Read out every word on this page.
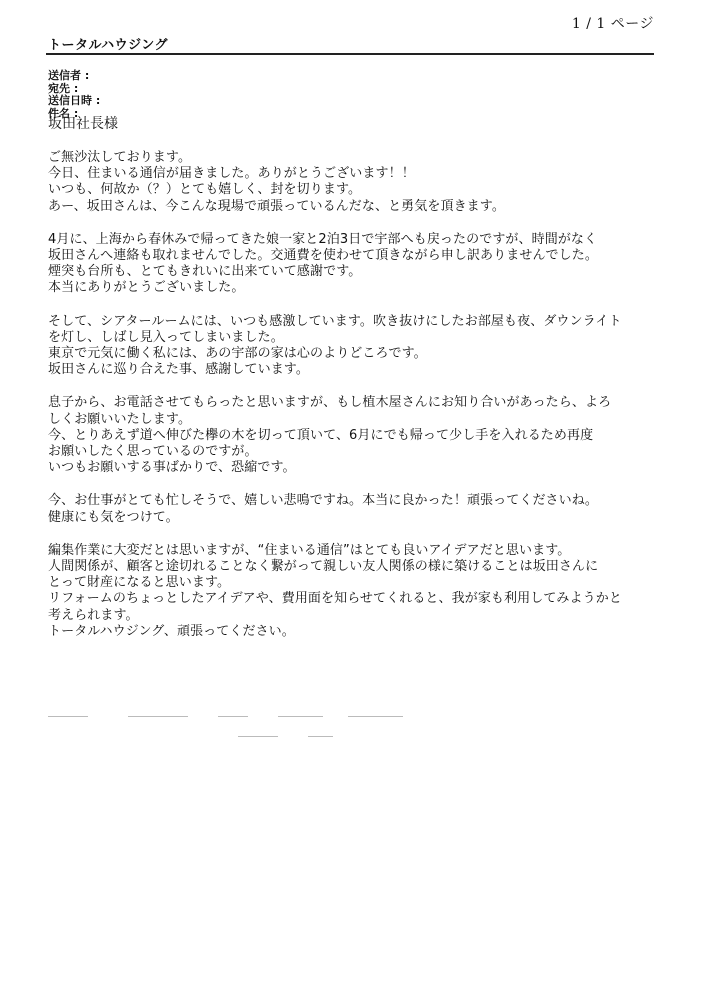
1 / 1 ページ
トータルハウジング
送信者 :
宛先 :
送信日時 :
件名 :
坂田社長様
ご無沙汰しております。
今日、住まいる通信が届きました。ありがとうございます！！
いつも、何故か（？）とても嬉しく、封を切ります。
あー、坂田さんは、今こんな現場で頑張っているんだな、と勇気を頂きます。
4月に、上海から春休みで帰ってきた娘一家と2泊3日で宇部へも戻ったのですが、時間がなく
坂田さんへ連絡も取れませんでした。交通費を使わせて頂きながら申し訳ありませんでした。
煙突も台所も、とてもきれいに出来ていて感謝です。
本当にありがとうございました。
そして、シアタールームには、いつも感激しています。吹き抜けにしたお部屋も夜、ダウンライト
を灯し、しばし見入ってしまいました。
東京で元気に働く私には、あの宇部の家は心のよりどころです。
坂田さんに巡り合えた事、感謝しています。
息子から、お電話させてもらったと思いますが、もし植木屋さんにお知り合いがあったら、よろ
しくお願いいたします。
今、とりあえず道へ伸びた欅の木を切って頂いて、6月にでも帰って少し手を入れるため再度
お願いしたく思っているのですが。
いつもお願いする事ばかりで、恐縮です。
今、お仕事がとても忙しそうで、嬉しい悲鳴ですね。本当に良かった！頑張ってくださいね。
健康にも気をつけて。
編集作業に大変だとは思いますが、“住まいる通信”はとても良いアイデアだと思います。
人間関係が、顧客と途切れることなく繋がって親しい友人関係の様に築けることは坂田さんに
とって財産になると思います。
リフォームのちょっとしたアイデアや、費用面を知らせてくれると、我が家も利用してみようかと
考えられます。
トータルハウジング、頑張ってください。
